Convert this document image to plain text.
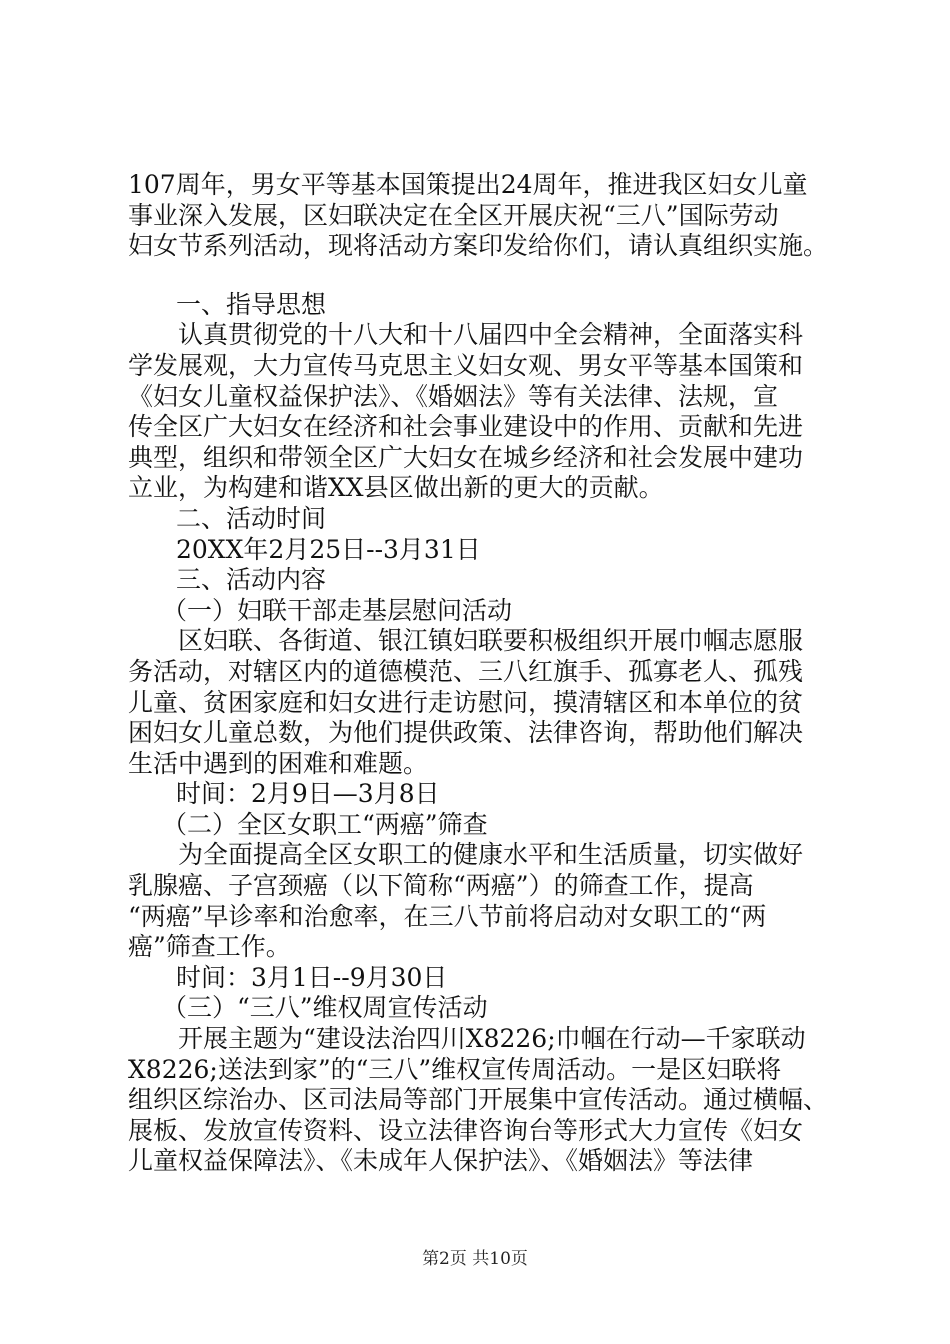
107周年，男女平等基本国策提出24周年，推进我区妇女儿童
事业深入发展，区妇联决定在全区开展庆祝“三八”国际劳动
妇女节系列活动，现将活动方案印发给你们，请认真组织实施。
一、指导思想
认真贯彻党的十八大和十八届四中全会精神，全面落实科
学发展观，大力宣传马克思主义妇女观、男女平等基本国策和
《妇女儿童权益保护法》、《婚姻法》等有关法律、法规，宣
传全区广大妇女在经济和社会事业建设中的作用、贡献和先进
典型，组织和带领全区广大妇女在城乡经济和社会发展中建功
立业，为构建和谐XX县区做出新的更大的贡献。
二、活动时间
20XX年2月25日--3月31日
三、活动内容
（一）妇联干部走基层慰问活动
区妇联、各街道、银江镇妇联要积极组织开展巾帼志愿服
务活动，对辖区内的道德模范、三八红旗手、孤寡老人、孤残
儿童、贫困家庭和妇女进行走访慰问，摸清辖区和本单位的贫
困妇女儿童总数，为他们提供政策、法律咨询，帮助他们解决
生活中遇到的困难和难题。
时间：2月9日—3月8日
（二）全区女职工“两癌”筛查
为全面提高全区女职工的健康水平和生活质量，切实做好
乳腺癌、子宫颈癌（以下简称“两癌”）的筛查工作，提高
“两癌”早诊率和治愈率，在三八节前将启动对女职工的“两
癌”筛查工作。
时间：3月1日--9月30日
（三）“三八”维权周宣传活动
开展主题为“建设法治四川X8226;巾帼在行动—千家联动
X8226;送法到家”的“三八”维权宣传周活动。一是区妇联将
组织区综治办、区司法局等部门开展集中宣传活动。通过横幅、
展板、发放宣传资料、设立法律咨询台等形式大力宣传《妇女
儿童权益保障法》、《未成年人保护法》、《婚姻法》等法律
第2页 共10页
